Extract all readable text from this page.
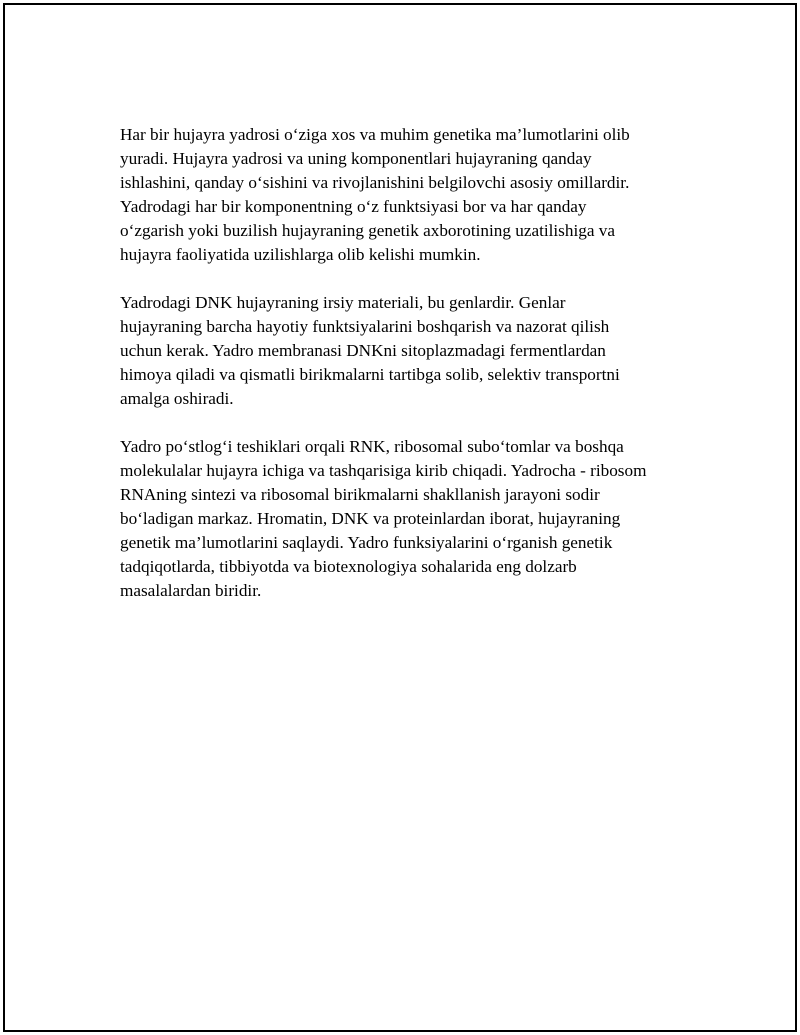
Har bir hujayra yadrosi o‘ziga xos va muhim genetika ma’lumotlarini olib
yuradi. Hujayra yadrosi va uning komponentlari hujayraning qanday
ishlashini, qanday o‘sishini va rivojlanishini belgilovchi asosiy omillardir.
Yadrodagi har bir komponentning o‘z funktsiyasi bor va har qanday
o‘zgarish yoki buzilish hujayraning genetik axborotining uzatilishiga va
hujayra faoliyatida uzilishlarga olib kelishi mumkin.

Yadrodagi DNK hujayraning irsiy materiali, bu genlardir. Genlar
hujayraning barcha hayotiy funktsiyalarini boshqarish va nazorat qilish
uchun kerak. Yadro membranasi DNKni sitoplazmadagi fermentlardan
himoya qiladi va qismatli birikmalarni tartibga solib, selektiv transportni
amalga oshiradi.

Yadro po‘stlog‘i teshiklari orqali RNK, ribosomal subo‘tomlar va boshqa
molekulalar hujayra ichiga va tashqarisiga kirib chiqadi. Yadrocha - ribosom
RNAning sintezi va ribosomal birikmalarni shakllanish jarayoni sodir
bo‘ladigan markaz. Hromatin, DNK va proteinlardan iborat, hujayraning
genetik ma’lumotlarini saqlaydi. Yadro funksiyalarini o‘rganish genetik
tadqiqotlarda, tibbiyotda va biotexnologiya sohalarida eng dolzarb
masalalardan biridir.
